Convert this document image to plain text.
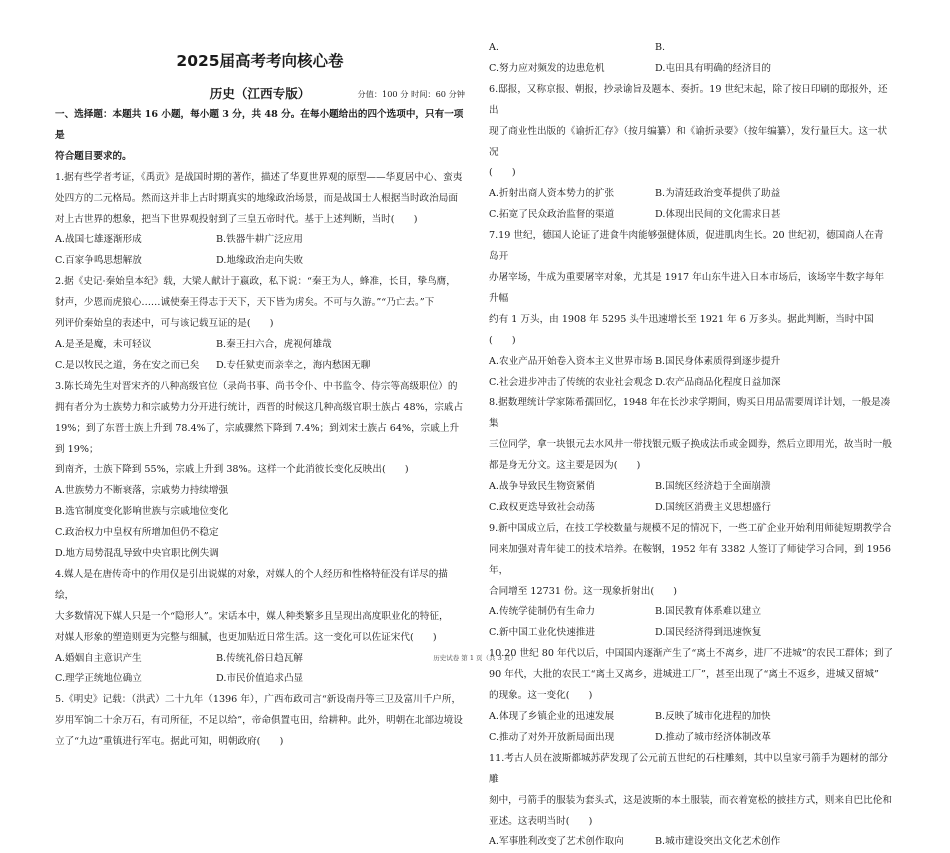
2025届高考考向核心卷
历史（江西专版）	分值：100 分 时间：60 分钟

一、选择题：本题共 16 小题，每小题 3 分，共 48 分。在每小题给出的四个选项中，只有一项是

符合题目要求的。

1.据有些学者考证，《禹贡》是战国时期的著作，描述了华夏世界观的原型——华夏居中心、蛮夷

处四方的二元格局。然而这并非上古时期真实的地缘政治场景，而是战国士人根据当时政治局面

对上古世界的想象，把当下世界观投射到了三皇五帝时代。基于上述判断，当时(　　)

A.战国七雄逐渐形成	B.铁器牛耕广泛应用
C.百家争鸣思想解放	D.地缘政治走向失败

2.据《史记·秦始皇本纪》载，大梁人献计于嬴政，私下说：“秦王为人，蜂准，长目，挚鸟膺，

豺声，少恩而虎狼心……诚使秦王得志于天下，天下皆为虏矣。不可与久游。”“乃亡去。”下

列评价秦始皇的表述中，可与该记载互证的是(　　)

A.是圣是魔，未可轻议	B.秦王扫六合，虎视何雄哉
C.是以牧民之道，务在安之而已矣	D.专任狱吏而亲幸之，海内愁困无聊

3.陈长琦先生对晋宋齐的八种高级官位（录尚书事、尚书令仆、中书监令、侍宗等高级职位）的

拥有者分为士族势力和宗戚势力分开进行统计，西晋的时候这几种高级官职士族占 48%，宗戚占

19%；到了东晋士族上升到 78.4%了，宗戚骤然下降到 7.4%；到刘宋士族占 64%，宗戚上升到 19%；

到南齐，士族下降到 55%，宗戚上升到 38%。这样一个此消彼长变化反映出(　　)

A.世族势力不断衰落，宗戚势力持续增强

B.选官制度变化影响世族与宗戚地位变化

C.政治权力中皇权有所增加但仍不稳定

D.地方局势混乱导致中央官职比例失调

4.媒人是在唐传奇中的作用仅是引出说媒的对象，对媒人的个人经历和性格特征没有详尽的描绘，

大多数情况下媒人只是一个“隐形人”。宋话本中，媒人种类繁多且呈现出高度职业化的特征，

对媒人形象的塑造则更为完整与细腻，也更加贴近日常生活。这一变化可以佐证宋代(　　)

A.婚姻自主意识产生	B.传统礼俗日趋瓦解
C.理学正统地位确立	D.市民价值追求凸显

5.《明史》记载：（洪武）二十九年（1396 年），广西布政司言“新设南丹等三卫及富川千户所，

岁用军饷二十余万石，有司所征，不足以给”，帝命俱置屯田，给耕种。此外，明朝在北部边境设

立了“九边”重镇进行军屯。据此可知，明朝政府(　　)

A.	B.
C.努力应对频发的边患危机	D.屯田具有明确的经济目的

6.邸报，又称京报、朝报，抄录谕旨及题本、奏折。19 世纪末起，除了按日印刷的邸报外，还出

现了商业性出版的《谕折汇存》（按月编纂）和《谕折录要》（按年编纂），发行量巨大。这一状况

(　　)

A.折射出商人资本势力的扩张	B.为清廷政治变革提供了助益
C.拓宽了民众政治监督的渠道	D.体现出民间的文化需求日甚

7.19 世纪，德国人论证了进食牛肉能够强健体质，促进肌肉生长。20 世纪初，德国商人在青岛开

办屠宰场，牛成为重要屠宰对象，尤其是 1917 年山东牛进入日本市场后，该场宰牛数字每年升幅

约有 1 万头，由 1908 年 5295 头牛迅速增长至 1921 年 6 万多头。据此判断，当时中国(　　)

A.农业产品开始卷入资本主义世界市场 B.国民身体素质得到逐步提升
C.社会进步冲击了传统的农业社会观念 D.农产品商品化程度日益加深

8.据数理统计学家陈希孺回忆，1948 年在长沙求学期间，购买日用品需要周详计划，一般是凑集

三位同学，拿一块银元去水风井一带找银元贩子换成法币或金圆券，然后立即用光，故当时一般

都是身无分文。这主要是因为(　　)

A.战争导致民生物资紧俏	B.国统区经济趋于全面崩溃
C.政权更迭导致社会动荡	D.国统区消费主义思想盛行

9.新中国成立后，在技工学校数量与规模不足的情况下，一些工矿企业开始利用师徒短期教学合

同来加强对青年徒工的技术培养。在鞍钢，1952 年有 3382 人签订了师徒学习合同，到 1956 年，

合同增至 12731 份。这一现象折射出(　　)

A.传统学徒制仍有生命力	B.国民教育体系难以建立
C.新中国工业化快速推进	D.国民经济得到迅速恢复

10.20 世纪 80 年代以后，中国国内逐渐产生了“离土不离乡，进厂不进城”的农民工群体；到了

90 年代，大批的农民工“离土又离乡，进城进工厂”，甚至出现了“离土不返乡，进城又留城”

的现象。这一变化(　　)

A.体现了乡镇企业的迅速发展	B.反映了城市化进程的加快
C.推动了对外开放新局面出现	D.推动了城市经济体制改革

11.考古人员在波斯都城苏萨发现了公元前五世纪的石柱雕刻，其中以皇家弓箭手为题材的部分雕

刻中，弓箭手的服装为套头式，这是波斯的本土服装，而衣着宽松的披挂方式，则来自巴比伦和

亚述。这表明当时(　　)

A.军事胜利改变了艺术创作取向	B.城市建设突出文化艺术创作
历史试卷 第 1 页（共 3 页）
